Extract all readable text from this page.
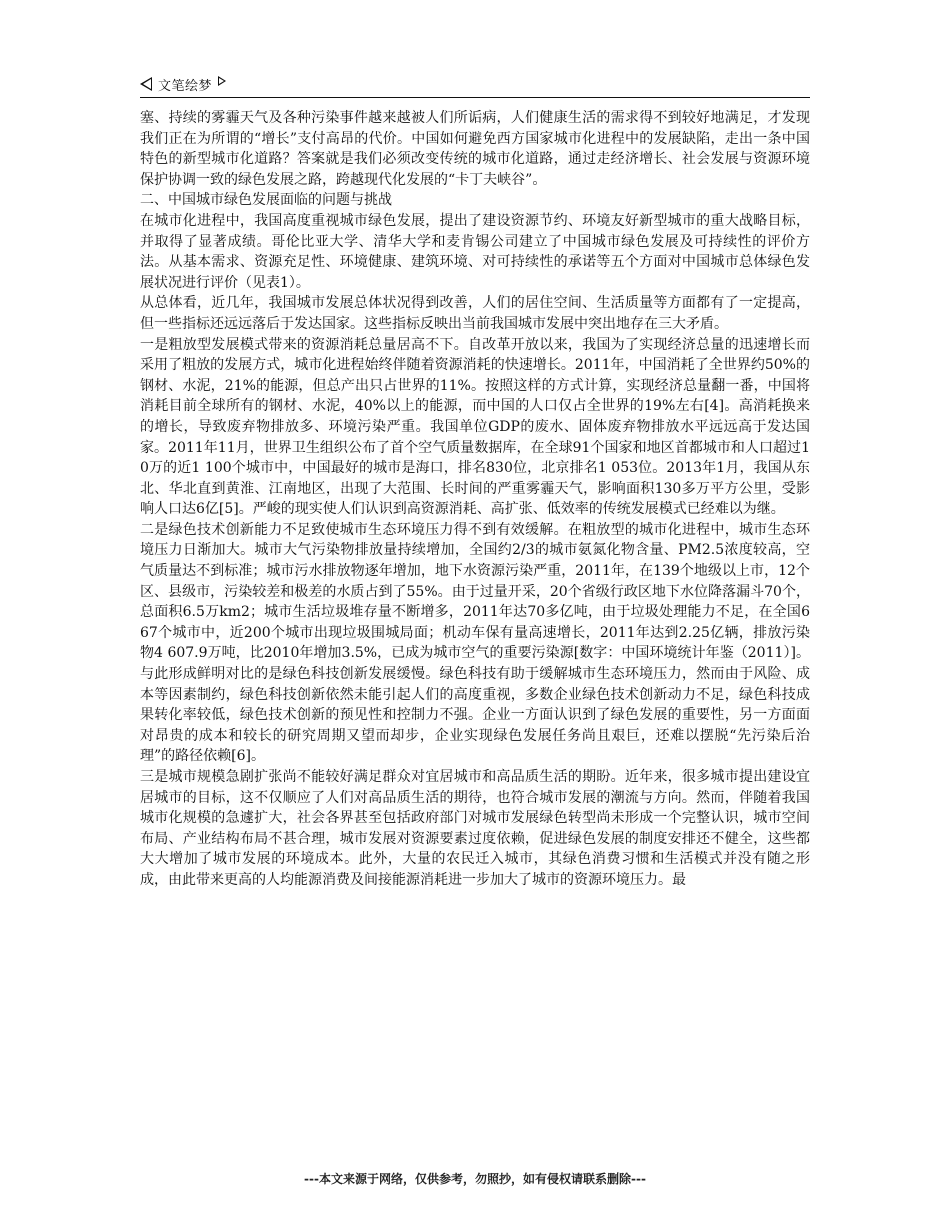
文笔绘梦

塞、持续的雾霾天气及各种污染事件越来越被人们所诟病，人们健康生活的需求得不到较好地满足，才发现我们正在为所谓的“增长”支付高昂的代价。中国如何避免西方国家城市化进程中的发展缺陷，走出一条中国特色的新型城市化道路？答案就是我们必须改变传统的城市化道路，通过走经济增长、社会发展与资源环境保护协调一致的绿色发展之路，跨越现代化发展的“卡丁夫峡谷”。

二、中国城市绿色发展面临的问题与挑战

在城市化进程中，我国高度重视城市绿色发展，提出了建设资源节约、环境友好新型城市的重大战略目标，并取得了显著成绩。哥伦比亚大学、清华大学和麦肯锡公司建立了中国城市绿色发展及可持续性的评价方法。从基本需求、资源充足性、环境健康、建筑环境、对可持续性的承诺等五个方面对中国城市总体绿色发展状况进行评价（见表1）。

从总体看，近几年，我国城市发展总体状况得到改善，人们的居住空间、生活质量等方面都有了一定提高，但一些指标还远远落后于发达国家。这些指标反映出当前我国城市发展中突出地存在三大矛盾。

一是粗放型发展模式带来的资源消耗总量居高不下。自改革开放以来，我国为了实现经济总量的迅速增长而采用了粗放的发展方式，城市化进程始终伴随着资源消耗的快速增长。2011年，中国消耗了全世界约50%的钢材、水泥，21%的能源，但总产出只占世界的11%。按照这样的方式计算，实现经济总量翻一番，中国将消耗目前全球所有的钢材、水泥，40%以上的能源，而中国的人口仅占全世界的19%左右[4]。高消耗换来的增长，导致废弃物排放多、环境污染严重。我国单位GDP的废水、固体废弃物排放水平远远高于发达国家。2011年11月，世界卫生组织公布了首个空气质量数据库，在全球91个国家和地区首都城市和人口超过10万的近1 100个城市中，中国最好的城市是海口，排名830位，北京排名1 053位。2013年1月，我国从东北、华北直到黄淮、江南地区，出现了大范围、长时间的严重雾霾天气，影响面积130多万平方公里，受影响人口达6亿[5]。严峻的现实使人们认识到高资源消耗、高扩张、低效率的传统发展模式已经难以为继。

二是绿色技术创新能力不足致使城市生态环境压力得不到有效缓解。在粗放型的城市化进程中，城市生态环境压力日渐加大。城市大气污染物排放量持续增加，全国约2/3的城市氨氮化物含量、PM2.5浓度较高，空气质量达不到标准；城市污水排放物逐年增加，地下水资源污染严重，2011年，在139个地级以上市，12个区、县级市，污染较差和极差的水质占到了55%。由于过量开采，20个省级行政区地下水位降落漏斗70个，总面积6.5万km2；城市生活垃圾堆存量不断增多，2011年达70多亿吨，由于垃圾处理能力不足，在全国667个城市中，近200个城市出现垃圾围城局面；机动车保有量高速增长，2011年达到2.25亿辆，排放污染物4 607.9万吨，比2010年增加3.5%，已成为城市空气的重要污染源[数字：中国环境统计年鉴（2011）]。与此形成鲜明对比的是绿色科技创新发展缓慢。绿色科技有助于缓解城市生态环境压力，然而由于风险、成本等因素制约，绿色科技创新依然未能引起人们的高度重视，多数企业绿色技术创新动力不足，绿色科技成果转化率较低，绿色技术创新的预见性和控制力不强。企业一方面认识到了绿色发展的重要性，另一方面面对昂贵的成本和较长的研究周期又望而却步，企业实现绿色发展任务尚且艰巨，还难以摆脱“先污染后治理”的路径依赖[6]。

三是城市规模急剧扩张尚不能较好满足群众对宜居城市和高品质生活的期盼。近年来，很多城市提出建设宜居城市的目标，这不仅顺应了人们对高品质生活的期待，也符合城市发展的潮流与方向。然而，伴随着我国城市化规模的急遽扩大，社会各界甚至包括政府部门对城市发展绿色转型尚未形成一个完整认识，城市空间布局、产业结构布局不甚合理，城市发展对资源要素过度依赖，促进绿色发展的制度安排还不健全，这些都大大增加了城市发展的环境成本。此外，大量的农民迁入城市，其绿色消费习惯和生活模式并没有随之形成，由此带来更高的人均能源消费及间接能源消耗进一步加大了城市的资源环境压力。最

---本文来源于网络，仅供参考，勿照抄，如有侵权请联系删除---
